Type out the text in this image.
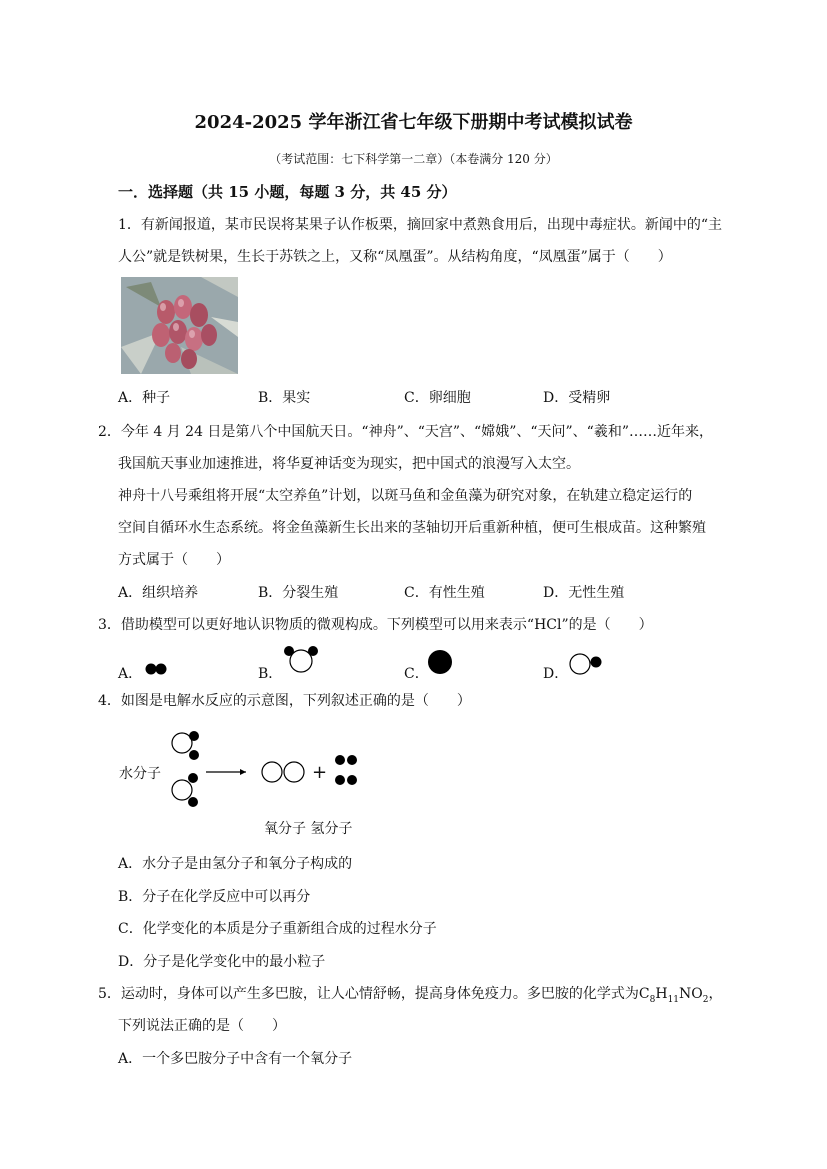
2024-2025 学年浙江省七年级下册期中考试模拟试卷
（考试范围：七下科学第一二章）（本卷满分 120 分）
一．选择题（共 15 小题，每题 3 分，共 45 分）
1．有新闻报道，某市民误将某果子认作板栗，摘回家中煮熟食用后，出现中毒症状。新闻中的“主
人公”就是铁树果，生长于苏铁之上，又称“凤凰蛋”。从结构角度，“凤凰蛋”属于（　　）
A．种子	B．果实	C．卵细胞	D．受精卵
2．今年 4 月 24 日是第八个中国航天日。“神舟”、“天宫”、“嫦娥”、“天问”、“羲和”……近年来，
我国航天事业加速推进，将华夏神话变为现实，把中国式的浪漫写入太空。
神舟十八号乘组将开展“太空养鱼”计划，以斑马鱼和金鱼藻为研究对象，在轨建立稳定运行的
空间自循环水生态系统。将金鱼藻新生长出来的茎轴切开后重新种植，便可生根成苗。这种繁殖
方式属于（　　）
A．组织培养	B．分裂生殖	C．有性生殖	D．无性生殖
3．借助模型可以更好地认识物质的微观构成。下列模型可以用来表示“HCl”的是（　　）
A．	B．	C．	D．
4．如图是电解水反应的示意图，下列叙述正确的是（　　）
水分子	+
氧分子 氢分子
A．水分子是由氢分子和氧分子构成的
B．分子在化学反应中可以再分
C．化学变化的本质是分子重新组合成的过程水分子
D．分子是化学变化中的最小粒子
5．运动时，身体可以产生多巴胺，让人心情舒畅，提高身体免疫力。多巴胺的化学式为$C_8H_{11}NO_2$，
下列说法正确的是（　　）
A．一个多巴胺分子中含有一个氧分子
